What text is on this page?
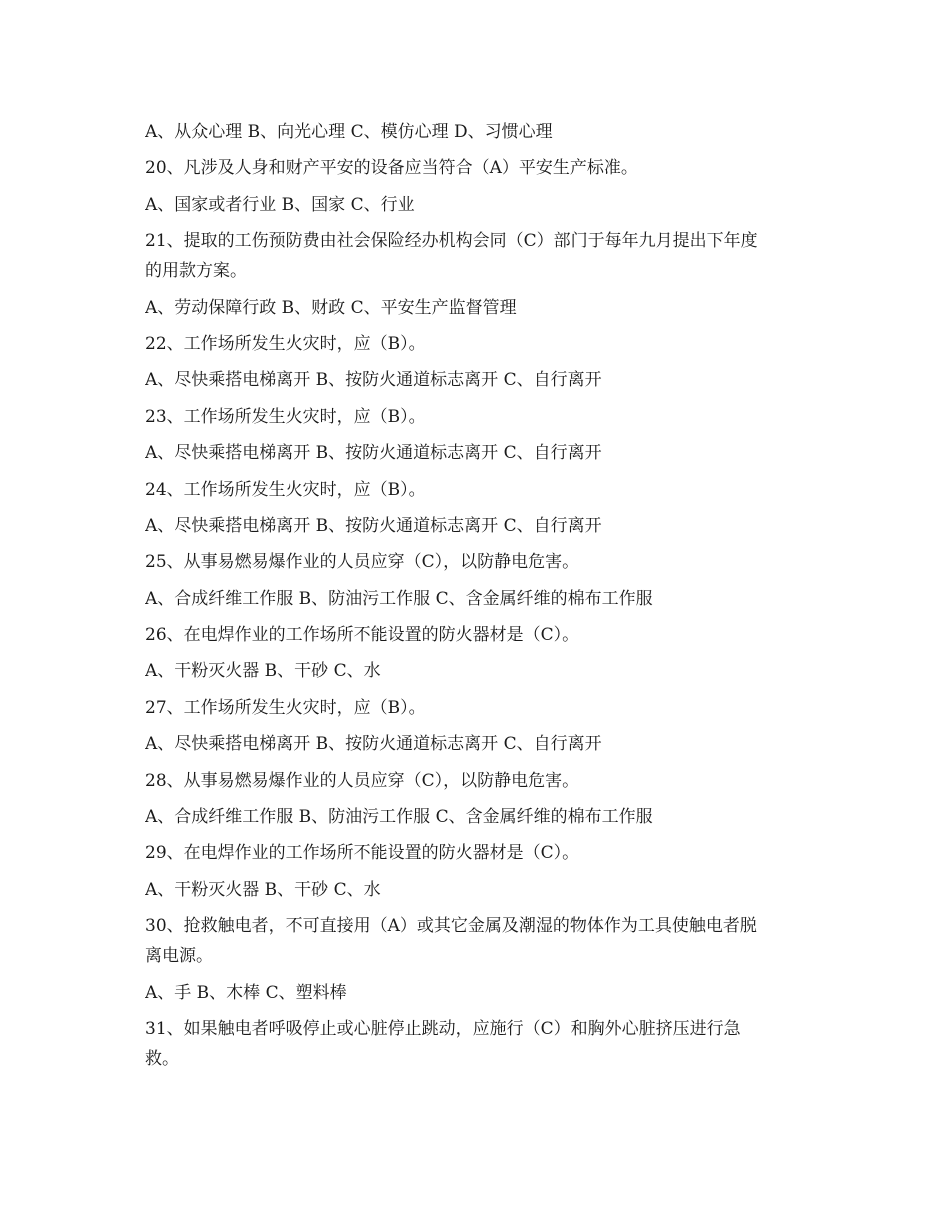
A、从众心理 B、向光心理 C、模仿心理 D、习惯心理
20、凡涉及人身和财产平安的设备应当符合（A）平安生产标准。
A、国家或者行业 B、国家 C、行业
21、提取的工伤预防费由社会保险经办机构会同（C）部门于每年九月提出下年度
的用款方案。
A、劳动保障行政 B、财政 C、平安生产监督管理
22、工作场所发生火灾时，应（B）。
A、尽快乘搭电梯离开 B、按防火通道标志离开 C、自行离开
23、工作场所发生火灾时，应（B）。
A、尽快乘搭电梯离开 B、按防火通道标志离开 C、自行离开
24、工作场所发生火灾时，应（B）。
A、尽快乘搭电梯离开 B、按防火通道标志离开 C、自行离开
25、从事易燃易爆作业的人员应穿（C），以防静电危害。
A、合成纤维工作服 B、防油污工作服 C、含金属纤维的棉布工作服
26、在电焊作业的工作场所不能设置的防火器材是（C）。
A、干粉灭火器 B、干砂 C、水
27、工作场所发生火灾时，应（B）。
A、尽快乘搭电梯离开 B、按防火通道标志离开 C、自行离开
28、从事易燃易爆作业的人员应穿（C），以防静电危害。
A、合成纤维工作服 B、防油污工作服 C、含金属纤维的棉布工作服
29、在电焊作业的工作场所不能设置的防火器材是（C）。
A、干粉灭火器 B、干砂 C、水
30、抢救触电者，不可直接用（A）或其它金属及潮湿的物体作为工具使触电者脱
离电源。
A、手 B、木棒 C、塑料棒
31、如果触电者呼吸停止或心脏停止跳动，应施行（C）和胸外心脏挤压进行急
救。
